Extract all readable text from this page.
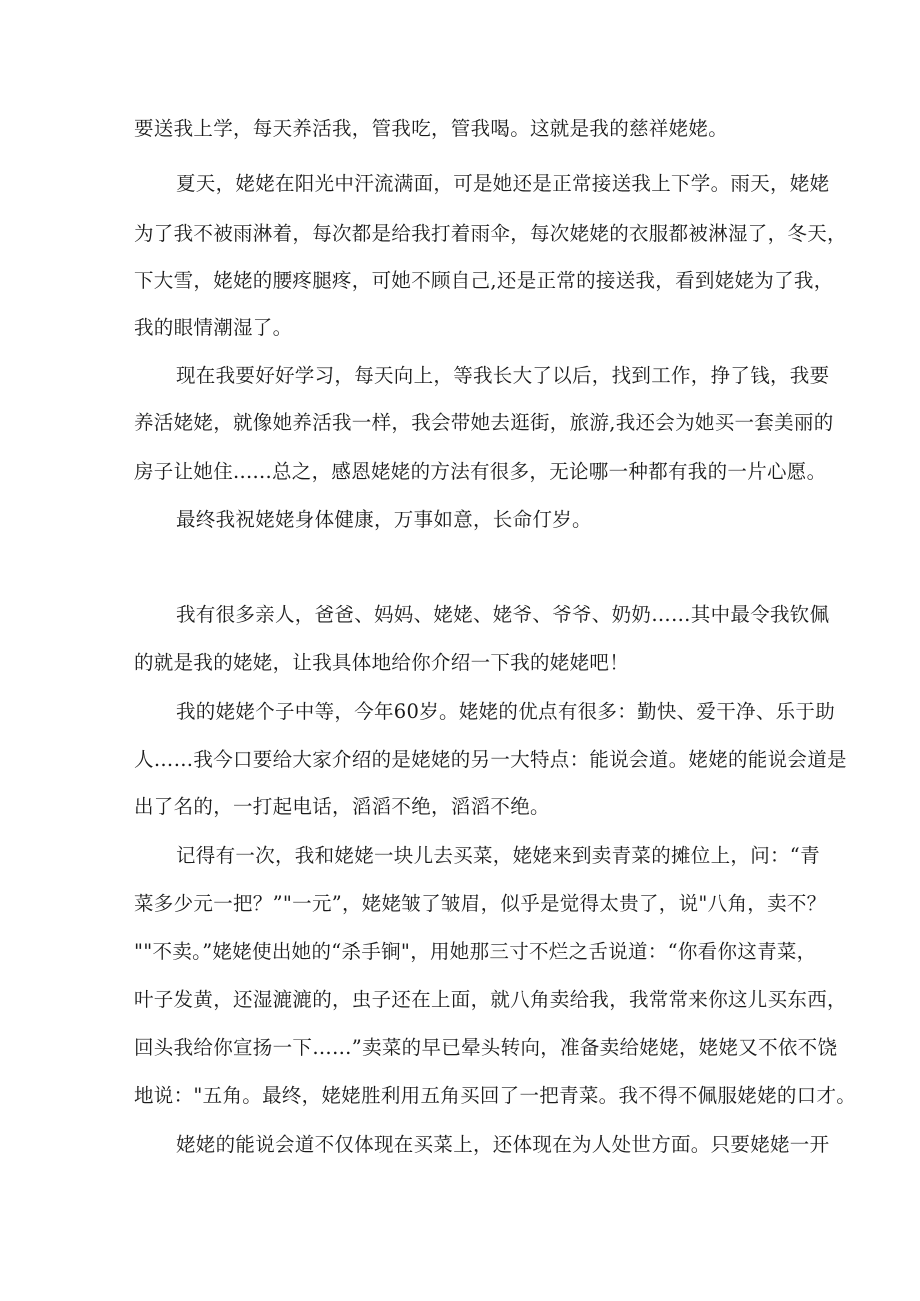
要送我上学，每天养活我，管我吃，管我喝。这就是我的慈祥姥姥。
夏天，姥姥在阳光中汗流满面，可是她还是正常接送我上下学。雨天，姥姥
为了我不被雨淋着，每次都是给我打着雨伞，每次姥姥的衣服都被淋湿了，冬天，
下大雪，姥姥的腰疼腿疼，可她不顾自己,还是正常的接送我，看到姥姥为了我，
我的眼情潮湿了。
现在我要好好学习，每天向上，等我长大了以后，找到工作，挣了钱，我要
养活姥姥，就像她养活我一样，我会带她去逛街，旅游,我还会为她买一套美丽的
房子让她住......总之，感恩姥姥的方法有很多，无论哪一种都有我的一片心愿。
最终我祝姥姥身体健康，万事如意，长命仃岁。
我有很多亲人，爸爸、妈妈、姥姥、姥爷、爷爷、奶奶……其中最令我钦佩
的就是我的姥姥，让我具体地给你介绍一下我的姥姥吧！
我的姥姥个子中等，今年60岁。姥姥的优点有很多：勤快、爱干净、乐于助
人……我今口要给大家介绍的是姥姥的另一大特点：能说会道。姥姥的能说会道是
出了名的，一打起电话，滔滔不绝，滔滔不绝。
记得有一次，我和姥姥一块儿去买菜，姥姥来到卖青菜的摊位上，问：“青
菜多少元一把？”"一元”，姥姥皱了皱眉，似乎是觉得太贵了，说"八角，卖不？
""不卖。”姥姥使出她的“杀手锏"，用她那三寸不烂之舌说道：“你看你这青菜，
叶子发黄，还湿漉漉的，虫子还在上面，就八角卖给我，我常常来你这儿买东西，
回头我给你宣扬一下……”卖菜的早已晕头转向，准备卖给姥姥，姥姥又不依不饶
地说："五角。最终，姥姥胜利用五角买回了一把青菜。我不得不佩服姥姥的口才。
姥姥的能说会道不仅体现在买菜上，还体现在为人处世方面。只要姥姥一开
